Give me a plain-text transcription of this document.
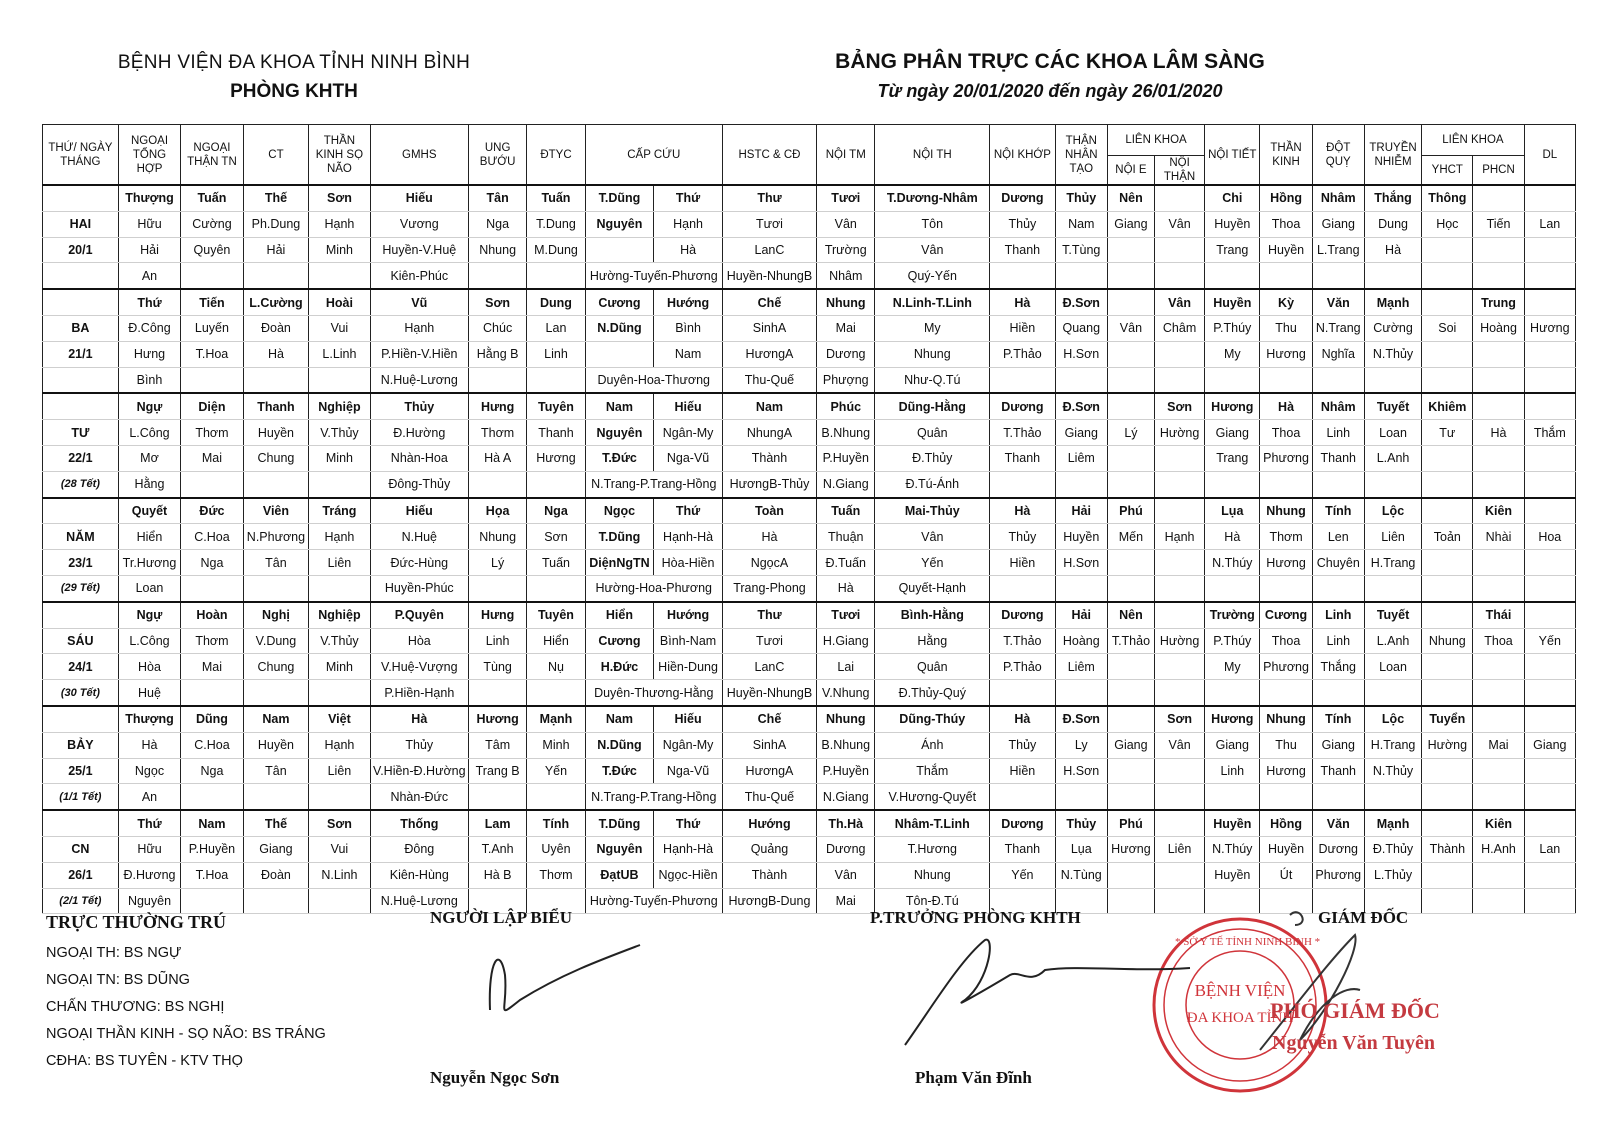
BỆNH VIỆN ĐA KHOA TỈNH NINH BÌNH
PHÒNG KHTH
BẢNG PHÂN TRỰC CÁC KHOA LÂM SÀNG
Từ ngày 20/01/2020 đến ngày 26/01/2020
THỨ/ NGÀY THÁNG	NGOẠI TỔNG HỢP	NGOẠI THẬN TN	CT	THẦN KINH SỌ NÃO	GMHS	UNG BƯỚU	ĐTYC	CẤP CỨU		HSTC & CĐ	NỘI TM	NỘI TH	NỘI KHỚP	THẬN NHÂN TẠO	LIÊN KHOA		NỘI TIẾT	THẦN KINH	ĐỘT QUỴ	TRUYỀN NHIỄM	LIÊN KHOA		DL
															NỘI E	NỘI THẬN					YHCT	PHCN	
	Thượng	Tuấn	Thế	Sơn	Hiếu	Tân	Tuấn	T.Dũng	Thứ	Thư	Tươi	T.Dương-Nhâm	Dương	Thủy	Nên		Chi	Hồng	Nhâm	Thắng	Thông		
HAI	Hữu	Cường	Ph.Dung	Hạnh	Vương	Nga	T.Dung	Nguyên	Hạnh	Tươi	Vân	Tôn	Thủy	Nam	Giang	Vân	Huyền	Thoa	Giang	Dung	Học	Tiến	Lan
20/1	Hải	Quyên	Hải	Minh	Huyền-V.Huệ	Nhung	M.Dung		Hà	LanC	Trường	Vân	Thanh	T.Tùng			Trang	Huyền	L.Trang	Hà			
	An				Kiên-Phúc			Hường-Tuyến-Phương		Huyền-NhungB	Nhâm	Quý-Yến											
	Thứ	Tiến	L.Cường	Hoài	Vũ	Sơn	Dung	Cương	Hướng	Chế	Nhung	N.Linh-T.Linh	Hà	Đ.Sơn		Vân	Huyền	Kỳ	Văn	Mạnh		Trung	
BA	Đ.Công	Luyến	Đoàn	Vui	Hạnh	Chúc	Lan	N.Dũng	Bình	SinhA	Mai	My	Hiền	Quang	Vân	Châm	P.Thúy	Thu	N.Trang	Cường	Soi	Hoàng	Hương
21/1	Hưng	T.Hoa	Hà	L.Linh	P.Hiền-V.Hiền	Hằng B	Linh		Nam	HươngA	Dương	Nhung	P.Thảo	H.Sơn			My	Hương	Nghĩa	N.Thủy			
	Bình				N.Huệ-Lương			Duyên-Hoa-Thương		Thu-Quế	Phượng	Như-Q.Tú											
	Ngự	Diện	Thanh	Nghiệp	Thủy	Hưng	Tuyên	Nam	Hiếu	Nam	Phúc	Dũng-Hằng	Dương	Đ.Sơn		Sơn	Hương	Hà	Nhâm	Tuyết	Khiêm		
TƯ	L.Công	Thơm	Huyền	V.Thủy	Đ.Hường	Thơm	Thanh	Nguyên	Ngân-My	NhungA	B.Nhung	Quân	T.Thảo	Giang	Lý	Hường	Giang	Thoa	Linh	Loan	Tư	Hà	Thắm
22/1	Mơ	Mai	Chung	Minh	Nhàn-Hoa	Hà A	Hương	T.Đức	Nga-Vũ	Thành	P.Huyền	Đ.Thủy	Thanh	Liêm			Trang	Phương	Thanh	L.Anh			
(28 Tết)	Hằng				Đông-Thủy			N.Trang-P.Trang-Hồng		HươngB-Thủy	N.Giang	Đ.Tú-Ánh											
	Quyết	Đức	Viên	Tráng	Hiếu	Họa	Nga	Ngọc	Thứ	Toàn	Tuấn	Mai-Thủy	Hà	Hải	Phú		Lụa	Nhung	Tính	Lộc		Kiên	
NĂM	Hiển	C.Hoa	N.Phương	Hạnh	N.Huệ	Nhung	Sơn	T.Dũng	Hạnh-Hà	Hà	Thuận	Vân	Thủy	Huyền	Mến	Hạnh	Hà	Thơm	Len	Liên	Toản	Nhài	Hoa
23/1	Tr.Hương	Nga	Tân	Liên	Đức-Hùng	Lý	Tuấn	DiệnNgTN	Hòa-Hiền	NgọcA	Đ.Tuấn	Yến	Hiền	H.Sơn			N.Thúy	Hương	Chuyên	H.Trang			
(29 Tết)	Loan				Huyền-Phúc			Hường-Hoa-Phương		Trang-Phong	Hà	Quyết-Hạnh											
	Ngự	Hoàn	Nghị	Nghiệp	P.Quyên	Hưng	Tuyên	Hiển	Hướng	Thư	Tươi	Bình-Hằng	Dương	Hải	Nên		Trường	Cương	Linh	Tuyết		Thái	
SÁU	L.Công	Thơm	V.Dung	V.Thủy	Hòa	Linh	Hiển	Cương	Bình-Nam	Tươi	H.Giang	Hằng	T.Thảo	Hoàng	T.Thảo	Hường	P.Thúy	Thoa	Linh	L.Anh	Nhung	Thoa	Yến
24/1	Hòa	Mai	Chung	Minh	V.Huệ-Vượng	Tùng	Nụ	H.Đức	Hiền-Dung	LanC	Lai	Quân	P.Thảo	Liêm			My	Phương	Thắng	Loan			
(30 Tết)	Huệ				P.Hiền-Hạnh			Duyên-Thương-Hằng		Huyền-NhungB	V.Nhung	Đ.Thủy-Quý											
	Thượng	Dũng	Nam	Việt	Hà	Hương	Mạnh	Nam	Hiếu	Chế	Nhung	Dũng-Thúy	Hà	Đ.Sơn		Sơn	Hương	Nhung	Tính	Lộc	Tuyển		
BẢY	Hà	C.Hoa	Huyền	Hạnh	Thủy	Tâm	Minh	N.Dũng	Ngân-My	SinhA	B.Nhung	Ánh	Thủy	Ly	Giang	Vân	Giang	Thu	Giang	H.Trang	Hường	Mai	Giang
25/1	Ngọc	Nga	Tân	Liên	V.Hiền-Đ.Hường	Trang B	Yến	T.Đức	Nga-Vũ	HươngA	P.Huyền	Thắm	Hiền	H.Sơn			Linh	Hương	Thanh	N.Thủy			
(1/1 Tết)	An				Nhàn-Đức			N.Trang-P.Trang-Hồng		Thu-Quế	N.Giang	V.Hương-Quyết											
	Thứ	Nam	Thế	Sơn	Thống	Lam	Tính	T.Dũng	Thứ	Hướng	Th.Hà	Nhâm-T.Linh	Dương	Thủy	Phú		Huyền	Hồng	Văn	Mạnh		Kiên	
CN	Hữu	P.Huyền	Giang	Vui	Đông	T.Anh	Uyên	Nguyên	Hạnh-Hà	Quảng	Dương	T.Hương	Thanh	Lụa	Hương	Liên	N.Thúy	Huyền	Dương	Đ.Thủy	Thành	H.Anh	Lan
26/1	Đ.Hương	T.Hoa	Đoàn	N.Linh	Kiên-Hùng	Hà B	Thơm	ĐạtUB	Ngọc-Hiền	Thành	Vân	Nhung	Yến	N.Tùng			Huyền	Út	Phương	L.Thủy			
(2/1 Tết)	Nguyên				N.Huệ-Lương			Hường-Tuyến-Phương		HươngB-Dung	Mai	Tôn-Đ.Tú											
TRỰC THƯỜNG TRÚ
NGOẠI TH: BS NGỰ
NGOẠI TN: BS DŨNG
CHẤN THƯƠNG: BS NGHỊ
NGOẠI THẦN KINH - SỌ NÃO: BS TRÁNG
CĐHA: BS TUYÊN - KTV THỌ
NGƯỜI LẬP BIỂU
Nguyễn Ngọc Sơn
P.TRƯỞNG PHÒNG KHTH
Phạm Văn Đĩnh
GIÁM ĐỐC
BỆNH VIỆN
ĐA KHOA TỈNH
* SỞ Y TẾ TỈNH NINH BÌNH *
PHÓ GIÁM ĐỐC
Nguyễn Văn Tuyên
